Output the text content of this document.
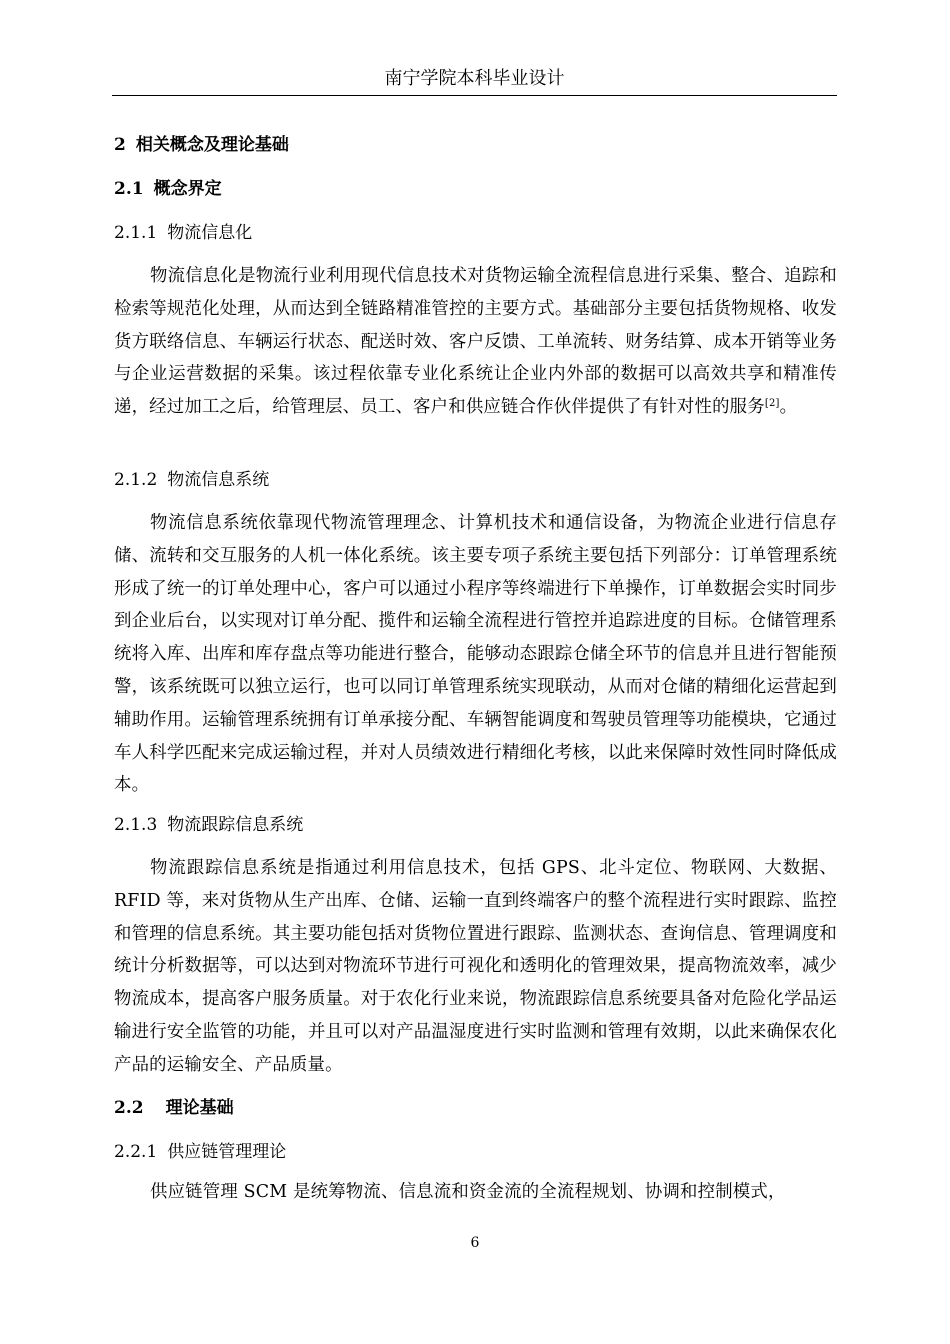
南宁学院本科毕业设计
2 相关概念及理论基础
2.1 概念界定
2.1.1 物流信息化

物流信息化是物流行业利用现代信息技术对货物运输全流程信息进行采集、整合、追踪和检索等规范化处理，从而达到全链路精准管控的主要方式。基础部分主要包括货物规格、收发货方联络信息、车辆运行状态、配送时效、客户反馈、工单流转、财务结算、成本开销等业务与企业运营数据的采集。该过程依靠专业化系统让企业内外部的数据可以高效共享和精准传递，经过加工之后，给管理层、员工、客户和供应链合作伙伴提供了有针对性的服务[2]。

2.1.2 物流信息系统

物流信息系统依靠现代物流管理理念、计算机技术和通信设备，为物流企业进行信息存储、流转和交互服务的人机一体化系统。该主要专项子系统主要包括下列部分：订单管理系统形成了统一的订单处理中心，客户可以通过小程序等终端进行下单操作，订单数据会实时同步到企业后台，以实现对订单分配、揽件和运输全流程进行管控并追踪进度的目标。仓储管理系统将入库、出库和库存盘点等功能进行整合，能够动态跟踪仓储全环节的信息并且进行智能预警，该系统既可以独立运行，也可以同订单管理系统实现联动，从而对仓储的精细化运营起到辅助作用。运输管理系统拥有订单承接分配、车辆智能调度和驾驶员管理等功能模块，它通过车人科学匹配来完成运输过程，并对人员绩效进行精细化考核，以此来保障时效性同时降低成本。

2.1.3 物流跟踪信息系统

物流跟踪信息系统是指通过利用信息技术，包括 GPS、北斗定位、物联网、大数据、RFID 等，来对货物从生产出库、仓储、运输一直到终端客户的整个流程进行实时跟踪、监控和管理的信息系统。其主要功能包括对货物位置进行跟踪、监测状态、查询信息、管理调度和统计分析数据等，可以达到对物流环节进行可视化和透明化的管理效果，提高物流效率，减少物流成本，提高客户服务质量。对于农化行业来说，物流跟踪信息系统要具备对危险化学品运输进行安全监管的功能，并且可以对产品温湿度进行实时监测和管理有效期，以此来确保农化产品的运输安全、产品质量。

2.2 理论基础
2.2.1 供应链管理理论

供应链管理 SCM 是统筹物流、信息流和资金流的全流程规划、协调和控制模式，

6
